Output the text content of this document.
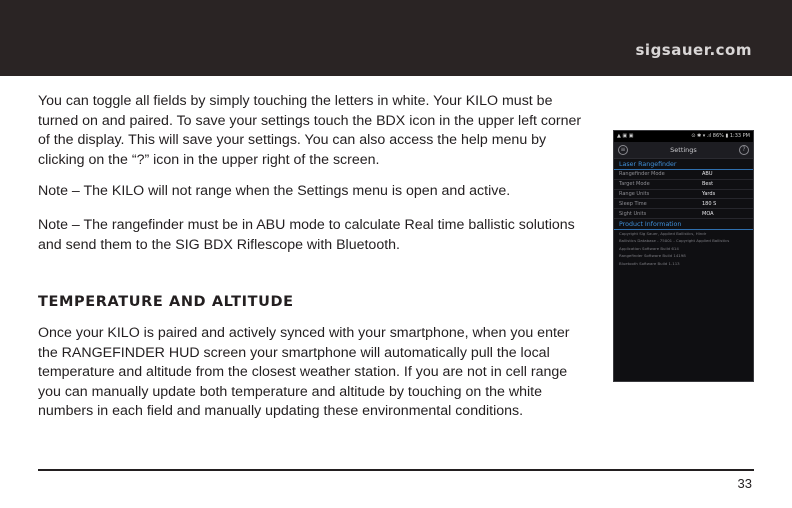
sigsauer.com

You can toggle all fields by simply touching the letters in white. Your KILO must be turned on and paired. To save your settings touch the BDX icon in the upper left corner of the display. This will save your settings. You can also access the help menu by clicking on the “?” icon in the upper right of the screen.

Note – The KILO will not range when the Settings menu is open and active.

Note – The rangefinder must be in ABU mode to calculate Real time ballistic solutions and send them to the SIG BDX Riflescope with Bluetooth.

TEMPERATURE AND ALTITUDE

Once your KILO is paired and actively synced with your smartphone, when you enter the RANGEFINDER HUD screen your smartphone will automatically pull the local temperature and altitude from the closest weather station. If you are not in cell range you can manually update both temperature and altitude by touching on the white numbers in each field and manually updating these environmental conditions.

▲ ▣ ▣	⊙ ✱ ▾ .ıl 86% ▮ 1:33 PM
≡	Settings	?
Laser Rangefinder
Rangefinder Mode	ABU
Target Mode	Best
Range Units	Yards
Sleep Time	180 S
Sight Units	MOA
Product Information
Copyright Sig Sauer, Applied Ballistics, Hindr
Ballistics Database - 75001 - Copyright Applied Ballistics
Application Software Build 614
Rangefinder Software Build 14198
Bluetooth Software Build 1.113
33
